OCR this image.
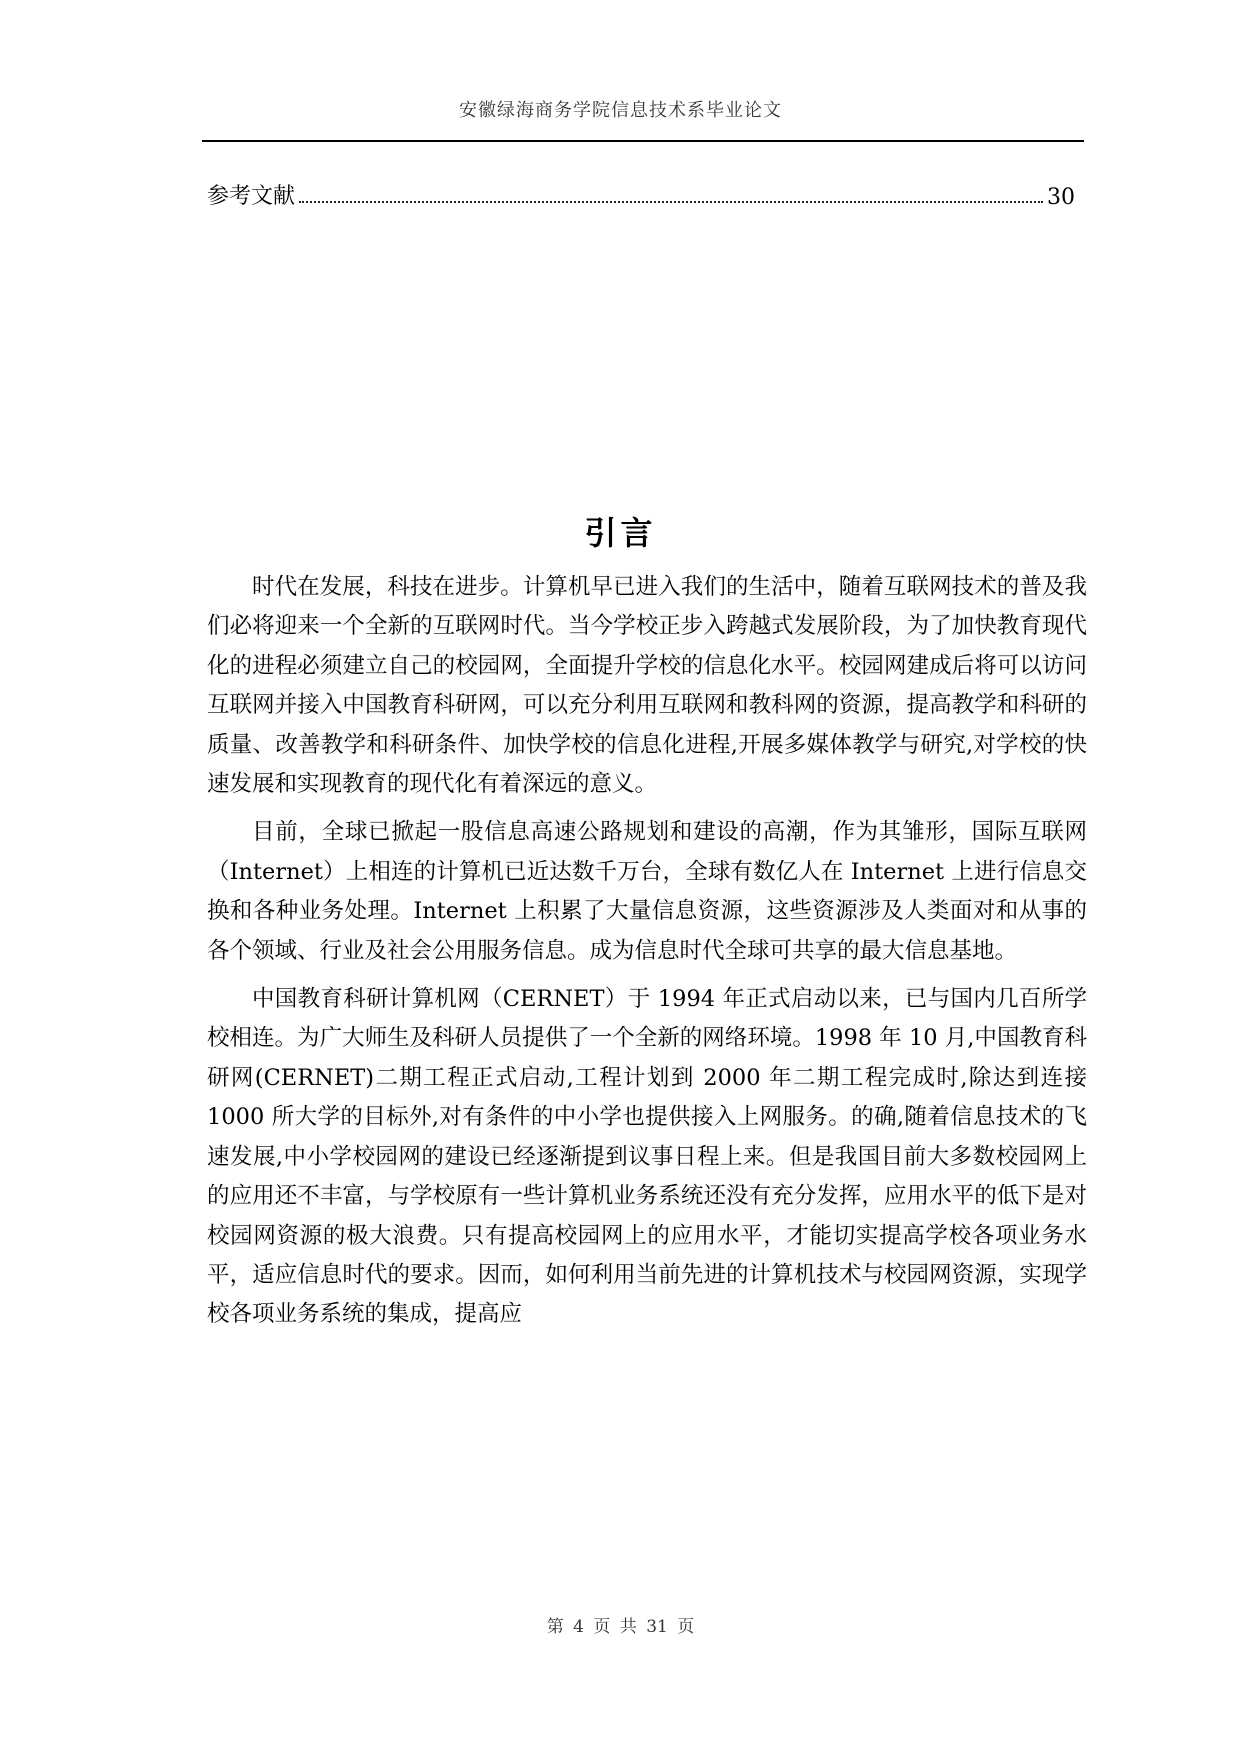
安徽绿海商务学院信息技术系毕业论文
参考文献	30
引言

时代在发展，科技在进步。计算机早已进入我们的生活中，随着互联网技术的普及我们必将迎来一个全新的互联网时代。当今学校正步入跨越式发展阶段，为了加快教育现代化的进程必须建立自己的校园网，全面提升学校的信息化水平。校园网建成后将可以访问互联网并接入中国教育科研网，可以充分利用互联网和教科网的资源，提高教学和科研的质量、改善教学和科研条件、加快学校的信息化进程,开展多媒体教学与研究,对学校的快速发展和实现教育的现代化有着深远的意义。

目前，全球已掀起一股信息高速公路规划和建设的高潮，作为其雏形，国际互联网（Internet）上相连的计算机已近达数千万台，全球有数亿人在 Internet 上进行信息交换和各种业务处理。Internet 上积累了大量信息资源，这些资源涉及人类面对和从事的各个领域、行业及社会公用服务信息。成为信息时代全球可共享的最大信息基地。

中国教育科研计算机网（CERNET）于 1994 年正式启动以来，已与国内几百所学校相连。为广大师生及科研人员提供了一个全新的网络环境。1998 年 10 月,中国教育科研网(CERNET)二期工程正式启动,工程计划到 2000 年二期工程完成时,除达到连接 1000 所大学的目标外,对有条件的中小学也提供接入上网服务。的确,随着信息技术的飞速发展,中小学校园网的建设已经逐渐提到议事日程上来。但是我国目前大多数校园网上的应用还不丰富，与学校原有一些计算机业务系统还没有充分发挥，应用水平的低下是对校园网资源的极大浪费。只有提高校园网上的应用水平，才能切实提高学校各项业务水平，适应信息时代的要求。因而，如何利用当前先进的计算机技术与校园网资源，实现学校各项业务系统的集成，提高应

第 4 页 共 31 页
